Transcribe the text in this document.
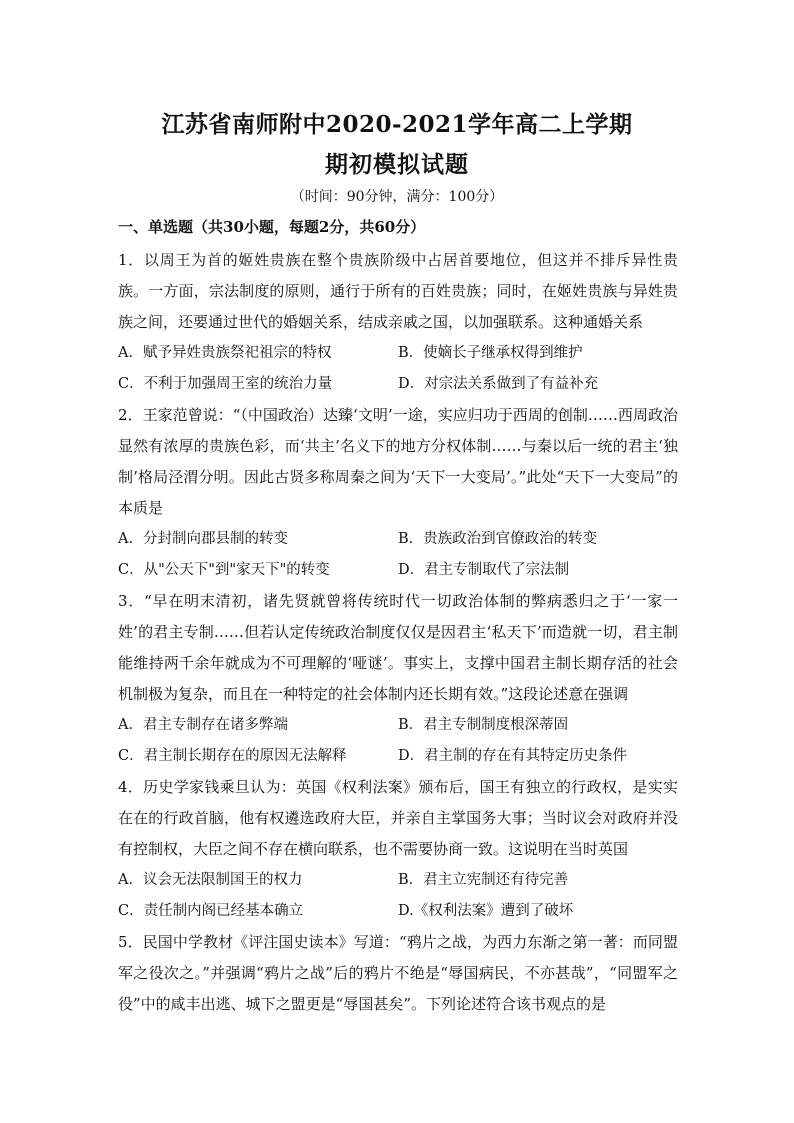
江苏省南师附中2020-2021学年高二上学期
期初模拟试题
（时间：90分钟，满分：100分）
一、单选题（共30小题，每题2分，共60分）

1．以周王为首的姬姓贵族在整个贵族阶级中占居首要地位，但这并不排斥异性贵族。一方面，宗法制度的原则，通行于所有的百姓贵族；同时，在姬姓贵族与异姓贵族之间，还要通过世代的婚姻关系，结成亲戚之国，以加强联系。这种通婚关系

A．赋予异姓贵族祭祀祖宗的特权	B．使嫡长子继承权得到维护
C．不利于加强周王室的统治力量	D．对宗法关系做到了有益补充

2．王家范曾说：“（中国政治）达臻‘文明’一途，实应归功于西周的创制……西周政治显然有浓厚的贵族色彩，而‘共主’名义下的地方分权体制……与秦以后一统的君主‘独制’格局泾渭分明。因此古贤多称周秦之间为‘天下一大变局’。”此处“天下一大变局”的本质是

A．分封制向郡县制的转变	B．贵族政治到官僚政治的转变
C．从"公天下"到"家天下"的转变	D．君主专制取代了宗法制

3．“早在明末清初，诸先贤就曾将传统时代一切政治体制的弊病悉归之于‘一家一姓’的君主专制……但若认定传统政治制度仅仅是因君主‘私天下’而造就一切，君主制能维持两千余年就成为不可理解的‘哑谜’。事实上，支撑中国君主制长期存活的社会机制极为复杂，而且在一种特定的社会体制内还长期有效。”这段论述意在强调

A．君主专制存在诸多弊端	B．君主专制制度根深蒂固
C．君主制长期存在的原因无法解释	D．君主制的存在有其特定历史条件

4．历史学家钱乘旦认为：英国《权利法案》颁布后，国王有独立的行政权，是实实在在的行政首脑，他有权遴选政府大臣，并亲自主掌国务大事；当时议会对政府并没有控制权，大臣之间不存在横向联系，也不需要协商一致。这说明在当时英国

A．议会无法限制国王的权力	B．君主立宪制还有待完善
C．责任制内阁已经基本确立	D.《权利法案》遭到了破坏

5．民国中学教材《评注国史读本》写道：“鸦片之战，为西力东渐之第一著：而同盟军之役次之。”并强调“鸦片之战”后的鸦片不绝是“辱国病民，不亦甚哉”，“同盟军之役”中的咸丰出逃、城下之盟更是“辱国甚矣”。下列论述符合该书观点的是
